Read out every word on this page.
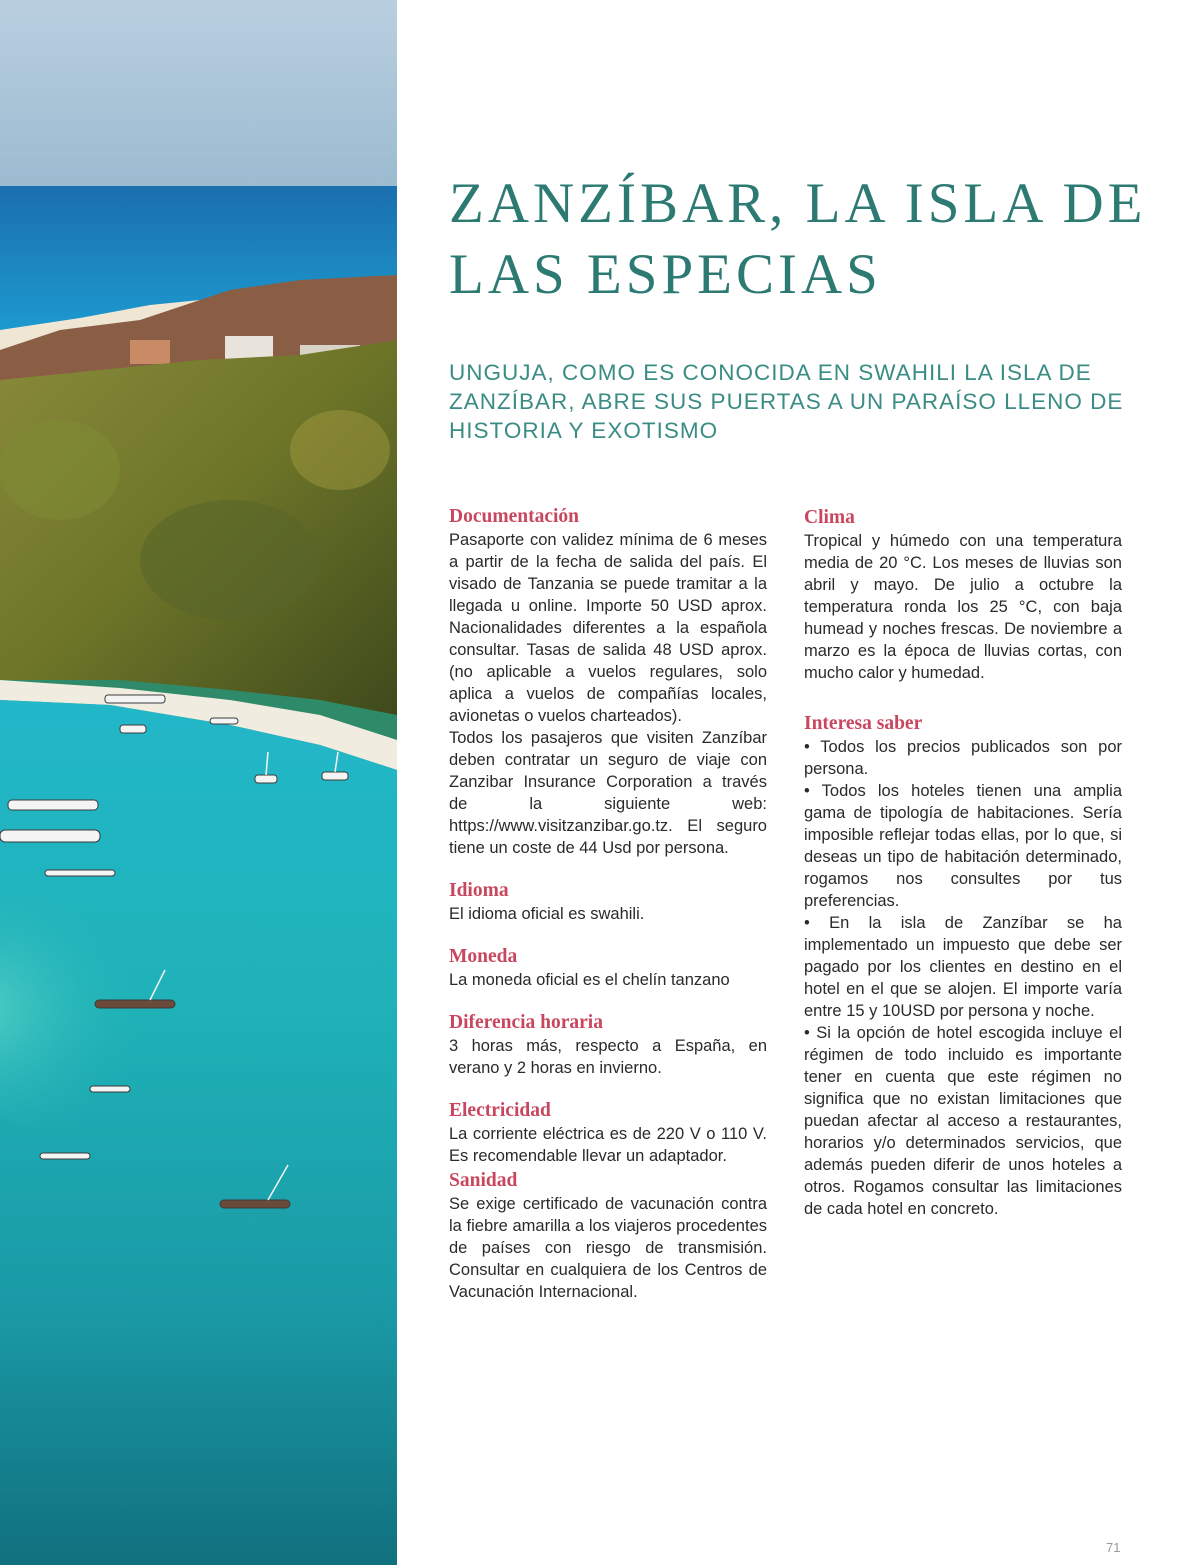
ZANZÍBAR, LA ISLA DE LAS ESPECIAS
UNGUJA, COMO ES CONOCIDA EN SWAHILI LA ISLA DE ZANZÍBAR, ABRE SUS PUERTAS A UN PARAÍSO LLENO DE HISTORIA Y EXOTISMO
Documentación

Pasaporte con validez mínima de 6 meses a partir de la fecha de salida del país. El visado de Tanzania se puede tramitar a la llegada u online. Importe 50 USD aprox. Nacionalidades diferentes a la española consultar. Tasas de salida 48 USD aprox. (no aplicable a vuelos regulares, solo aplica a vuelos de compañías locales, avionetas o vuelos charteados).

Todos los pasajeros que visiten Zanzíbar deben contratar un seguro de viaje con Zanzibar Insurance Corporation a través de la siguiente web: https://www.visitzanzibar.go.tz. El seguro tiene un coste de 44 Usd por persona.

Idioma

El idioma oficial es swahili.

Moneda

La moneda oficial es el chelín tanzano

Diferencia horaria

3 horas más, respecto a España, en verano y 2 horas en invierno.

Electricidad

La corriente eléctrica es de 220 V o 110 V. Es recomendable llevar un adaptador.

Sanidad

Se exige certificado de vacunación contra la fiebre amarilla a los viajeros procedentes de países con riesgo de transmisión. Consultar en cualquiera de los Centros de Vacunación Internacional.

Clima

Tropical y húmedo con una temperatura media de 20 °C. Los meses de lluvias son abril y mayo. De julio a octubre la temperatura ronda los 25 °C, con baja humead y noches frescas. De noviembre a marzo es la época de lluvias cortas, con mucho calor y humedad.

Interesa saber

• Todos los precios publicados son por persona.

• Todos los hoteles tienen una amplia gama de tipología de habitaciones. Sería imposible reflejar todas ellas, por lo que, si deseas un tipo de habitación determinado, rogamos nos consultes por tus preferencias.

• En la isla de Zanzíbar se ha implementado un impuesto que debe ser pagado por los clientes en destino en el hotel en el que se alojen. El importe varía entre 15 y 10USD por persona y noche.

• Si la opción de hotel escogida incluye el régimen de todo incluido es importante tener en cuenta que este régimen no significa que no existan limitaciones que puedan afectar al acceso a restaurantes, horarios y/o determinados servicios, que además pueden diferir de unos hoteles a otros. Rogamos consultar las limitaciones de cada hotel en concreto.

71
